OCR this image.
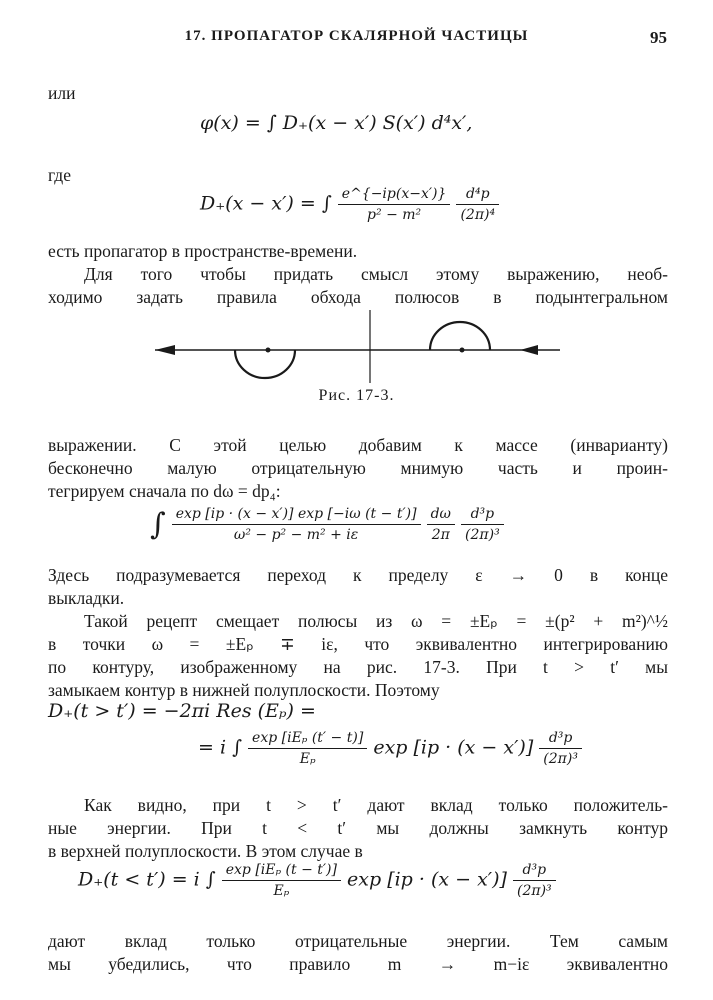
17. ПРОПАГАТОР СКАЛЯРНОЙ ЧАСТИЦЫ	95
или
φ(x) = ∫ D₊(x − x′) S(x′) d⁴x′,
где
D₊(x − x′) = ∫ $\frac{e\^{}\{-ip(x-x')\}}{\text{p² − m²}}$
$\frac{\text{d⁴p}}{\text{(2π)⁴}}$
есть пропагатор в пространстве-времени.
Для того чтобы придать смысл этому выражению, необ-
ходимо задать правила обхода полюсов в подынтегральном
Рис. 17-3.
выражении. С этой целью добавим к массе (инварианту)
бесконечно малую отрицательную мнимую часть и проин-
тегрируем сначала по dω = dp₄:
∫ $\frac{\exp [ip \cdot (x - x')] \exp [-i\omega (t - t')]}{\text{ω² − p² − m² + iε}}$
$\frac{d\omega}{2\pi}$
$\frac{\text{d³p}}{\text{(2π)³}}$
Здесь подразумевается переход к пределу ε → 0 в конце
выкладки.
Такой рецепт смещает полюсы из ω = ±Eₚ = ±(p² + m²)^½
в точки ω = ±Eₚ ∓ iε, что эквивалентно интегрированию
по контуру, изображенному на рис. 17-3. При t > t′ мы
замыкаем контур в нижней полуплоскости. Поэтому
D₊(t > t′) = −2πi Res (Eₚ) =
= i ∫ $\frac{\text{exp [iEₚ (t′ − t)]}}{\text{Eₚ}}$ $\exp [ip \cdot (x - x')] \frac{\text{d³p}}{\text{(2π)³}}$
Как видно, при t > t′ дают вклад только положитель-
ные энергии. При t < t′ мы должны замкнуть контур
в верхней полуплоскости. В этом случае в
D₊(t < t′) = i ∫ $\frac{\text{exp [iEₚ (t − t′)]}}{\text{Eₚ}}$ $\exp [ip \cdot (x - x')] \frac{\text{d³p}}{\text{(2π)³}}$
дают вклад только отрицательные энергии. Тем самым
мы убедились, что правило m → m−iε эквивалентно
